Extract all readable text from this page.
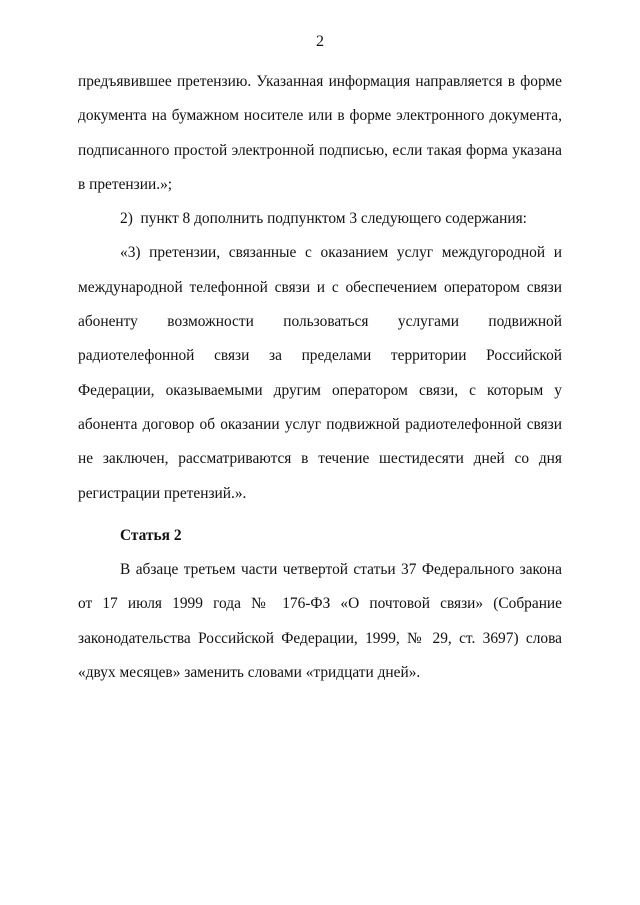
2

предъявившее претензию. Указанная информация направляется в форме документа на бумажном носителе или в форме электронного документа, подписанного простой электронной подписью, если такая форма указана в претензии.»;

2)  пункт 8 дополнить подпунктом 3 следующего содержания:

«3) претензии, связанные с оказанием услуг междугородной и международной телефонной связи и с обеспечением оператором связи абоненту возможности пользоваться услугами подвижной радиотелефонной связи за пределами территории Российской Федерации, оказываемыми другим оператором связи, с которым у абонента договор об оказании услуг подвижной радиотелефонной связи не заключен, рассматриваются в течение шестидесяти дней со дня регистрации претензий.».

Статья 2

В абзаце третьем части четвертой статьи 37 Федерального закона от 17 июля 1999 года № 176-ФЗ «О почтовой связи» (Собрание законодательства Российской Федерации, 1999, № 29, ст. 3697) слова «двух месяцев» заменить словами «тридцати дней».
